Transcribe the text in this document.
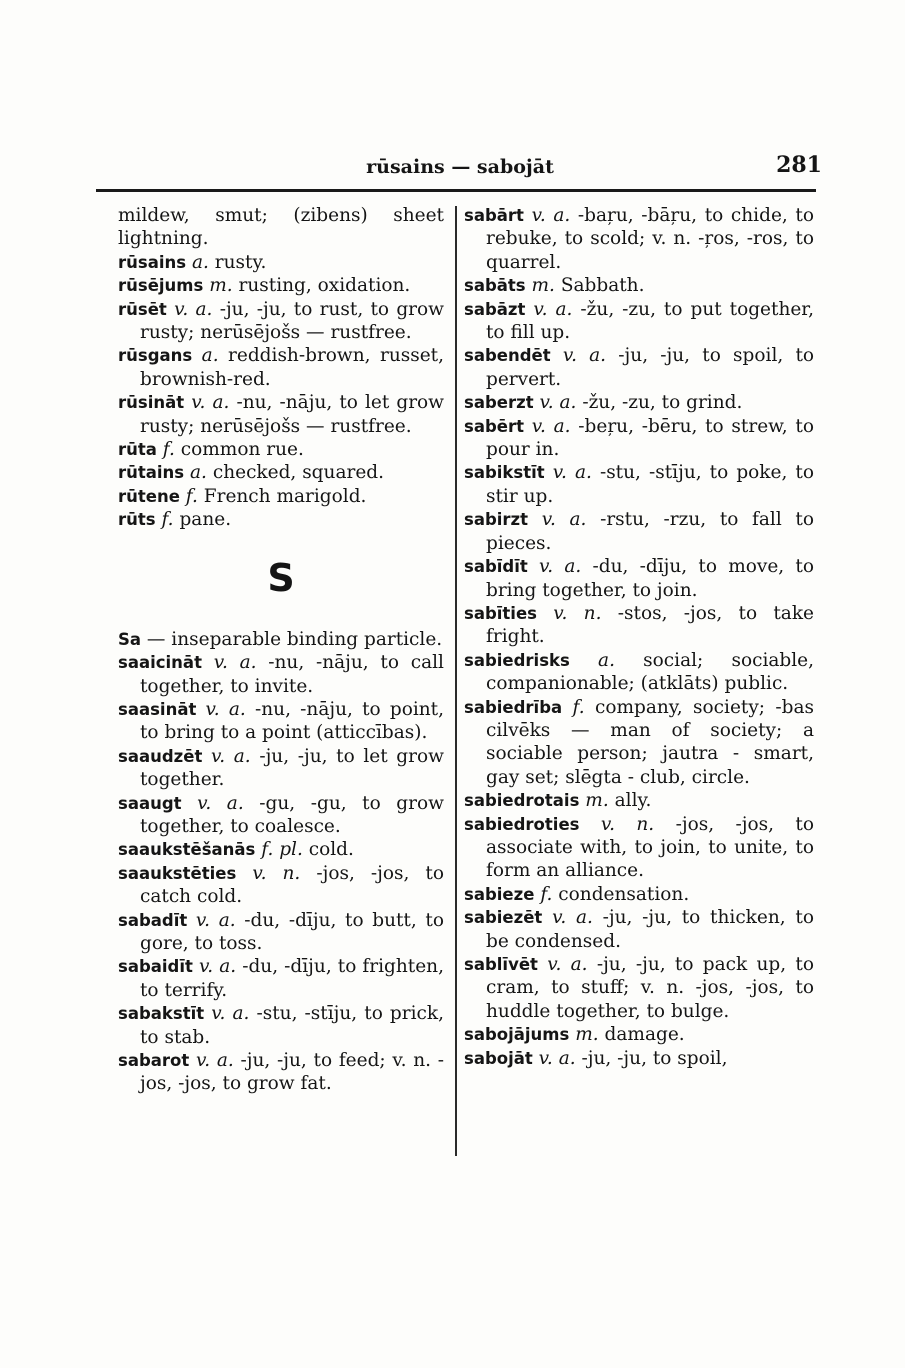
rūsains — sabojāt	281

mildew, smut; (zibens) sheet lightning.

rūsains a. rusty.

rūsējums m. rusting, oxidation.

rūsēt v. a. -ju, -ju, to rust, to grow rusty; nerūsējošs — rustfree.

rūsgans a. reddish-brown, russet, brownish-red.

rūsināt v. a. -nu, -nāju, to let grow rusty; nerūsējošs — rustfree.

rūta f. common rue.

rūtains a. checked, squared.

rūtene f. French marigold.

rūts f. pane.

S

Sa — inseparable binding particle.

saaicināt v. a. -nu, -nāju, to call together, to invite.

saasināt v. a. -nu, -nāju, to point, to bring to a point (atticcības).

saaudzēt v. a. -ju, -ju, to let grow together.

saaugt v. a. -gu, -gu, to grow together, to coalesce.

saaukstēšanās f. pl. cold.

saaukstēties v. n. -jos, -jos, to catch cold.

sabadīt v. a. -du, -dīju, to butt, to gore, to toss.

sabaidīt v. a. -du, -dīju, to frighten, to terrify.

sabakstīt v. a. -stu, -stīju, to prick, to stab.

sabarot v. a. -ju, -ju, to feed; v. n. -jos, -jos, to grow fat.

sabārt v. a. -baŗu, -bāŗu, to chide, to rebuke, to scold; v. n. -ŗos, -ros, to quarrel.

sabāts m. Sabbath.

sabāzt v. a. -žu, -zu, to put together, to fill up.

sabendēt v. a. -ju, -ju, to spoil, to pervert.

saberzt v. a. -žu, -zu, to grind.

sabērt v. a. -beŗu, -bēru, to strew, to pour in.

sabikstīt v. a. -stu, -stīju, to poke, to stir up.

sabirzt v. a. -rstu, -rzu, to fall to pieces.

sabīdīt v. a. -du, -dīju, to move, to bring together, to join.

sabīties v. n. -stos, -jos, to take fright.

sabiedrisks a. social; sociable, companionable; (atklāts) public.

sabiedrība f. company, society; -bas cilvēks — man of society; a sociable person; jautra - smart, gay set; slēgta - club, circle.

sabiedrotais m. ally.

sabiedroties v. n. -jos, -jos, to associate with, to join, to unite, to form an alliance.

sabieze f. condensation.

sabiezēt v. a. -ju, -ju, to thicken, to be condensed.

sablīvēt v. a. -ju, -ju, to pack up, to cram, to stuff; v. n. -jos, -jos, to huddle together, to bulge.

sabojājums m. damage.

sabojāt v. a. -ju, -ju, to spoil,
